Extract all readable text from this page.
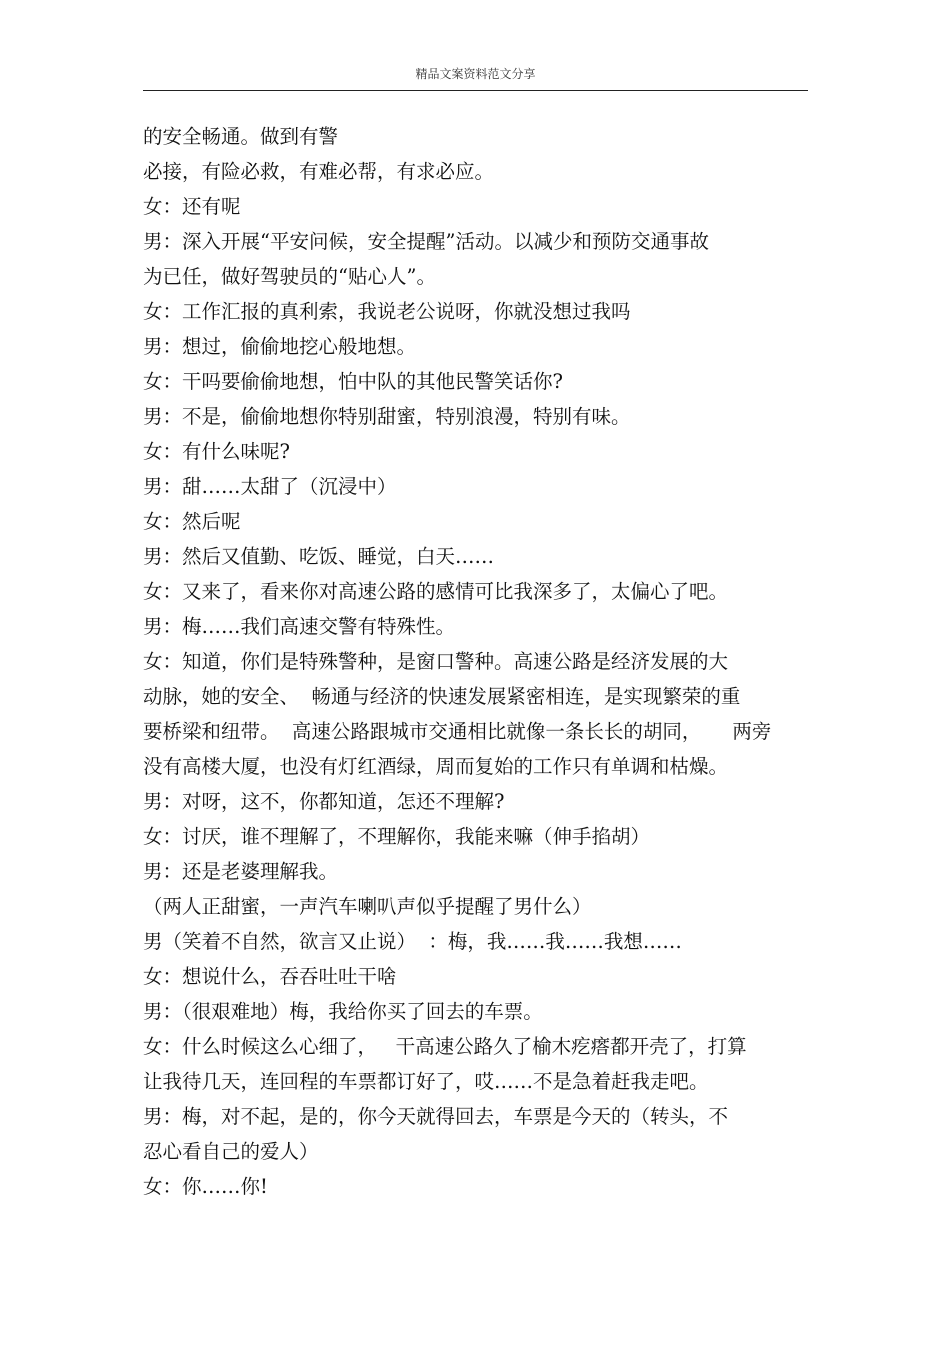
精品文案资料范文分享
的安全畅通。做到有警
必接，有险必救，有难必帮，有求必应。
女：还有呢
男：深入开展“平安问候，安全提醒”活动。以减少和预防交通事故
为已任，做好驾驶员的“贴心人”。
女：工作汇报的真利索，我说老公说呀，你就没想过我吗
男：想过，偷偷地挖心般地想。
女：干吗要偷偷地想，怕中队的其他民警笑话你?
男：不是，偷偷地想你特别甜蜜，特别浪漫，特别有味。
女：有什么味呢?
男：甜……太甜了（沉浸中）
女：然后呢
男：然后又值勤、吃饭、睡觉，白天……
女：又来了，看来你对高速公路的感情可比我深多了，太偏心了吧。
男：梅……我们高速交警有特殊性。
女：知道，你们是特殊警种，是窗口警种。高速公路是经济发展的大
动脉，她的安全、  畅通与经济的快速发展紧密相连，是实现繁荣的重
要桥梁和纽带。  高速公路跟城市交通相比就像一条长长的胡同，     两旁
没有高楼大厦，也没有灯红酒绿，周而复始的工作只有单调和枯燥。
男：对呀，这不，你都知道，怎还不理解?
女：讨厌，谁不理解了，不理解你，我能来嘛（伸手掐胡）
男：还是老婆理解我。
（两人正甜蜜，一声汽车喇叭声似乎提醒了男什么）
男（笑着不自然，欲言又止说）  ：梅，我……我……我想……
女：想说什么，吞吞吐吐干啥
男：（很艰难地）梅，我给你买了回去的车票。
女：什么时候这么心细了，   干高速公路久了榆木疙瘩都开壳了，打算
让我待几天，连回程的车票都订好了，哎……不是急着赶我走吧。
男：梅，对不起，是的，你今天就得回去，车票是今天的（转头，不
忍心看自己的爱人）
女：你……你!
